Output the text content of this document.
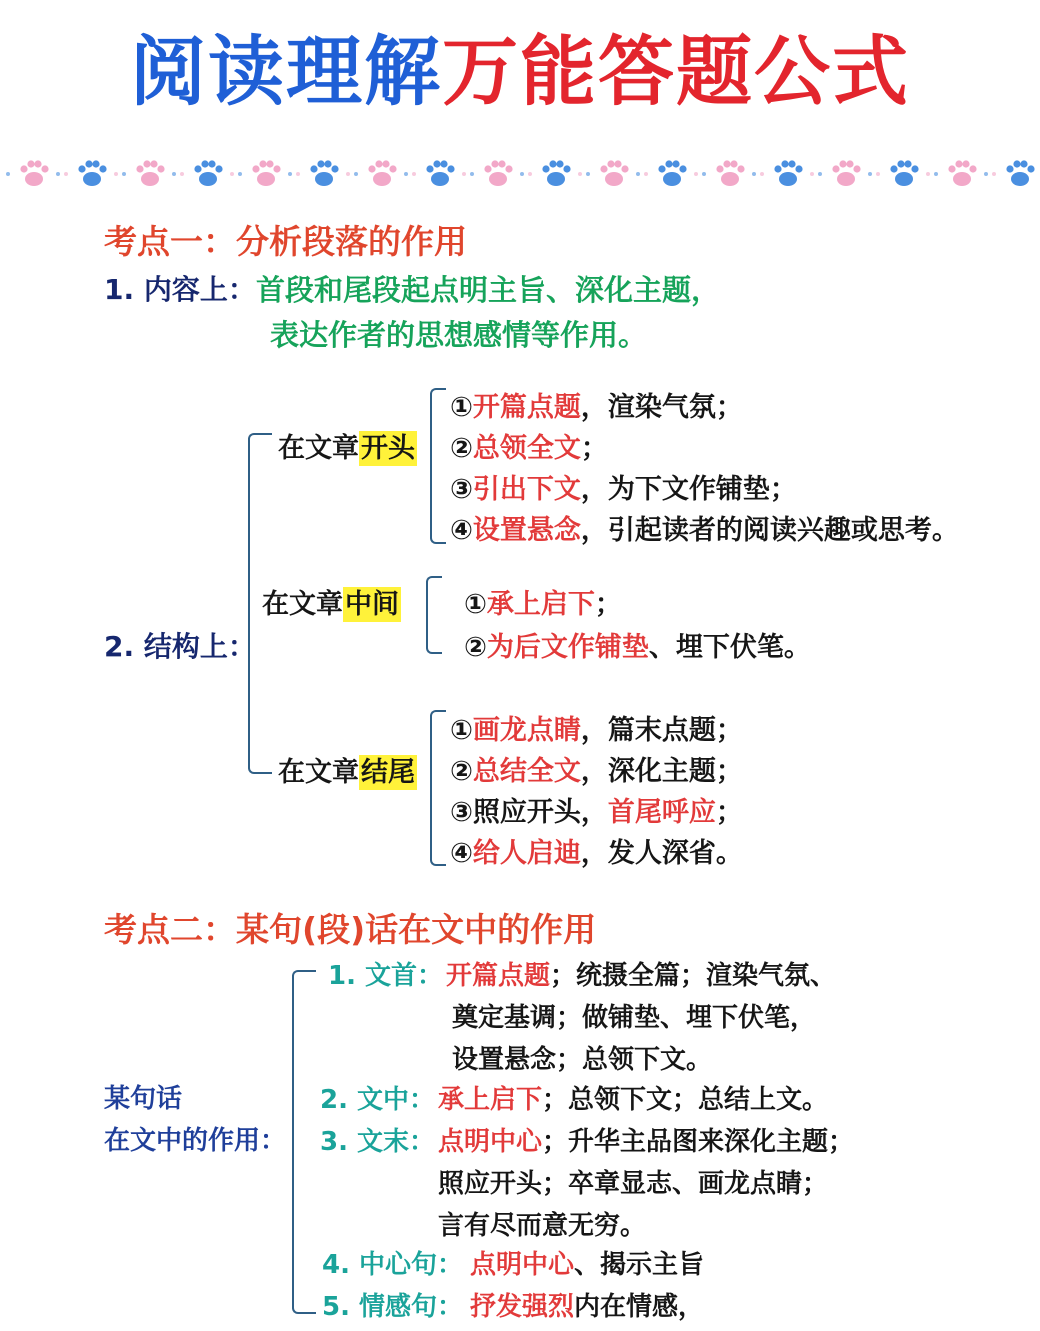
阅读理解万能答题公式
考点一：分析段落的作用
1. 内容上： 首段和尾段起点明主旨、深化主题，
表达作者的思想感情等作用。
2. 结构上：
在文章开头
①开篇点题，渲染气氛；
②总领全文；
③引出下文，为下文作铺垫；
④设置悬念，引起读者的阅读兴趣或思考。
在文章中间 ①承上启下；
②为后文作铺垫、埋下伏笔。
在文章结尾
①画龙点睛，篇末点题；
②总结全文，深化主题；
③照应开头，首尾呼应；
④给人启迪，发人深省。
考点二：某句(段)话在文中的作用
某句话
在文中的作用：
1. 文首： 开篇点题；统摄全篇；渲染气氛、
奠定基调；做铺垫、埋下伏笔，
设置悬念；总领下文。
2. 文中： 承上启下；总领下文；总结上文。
3. 文末： 点明中心；升华主品图来深化主题；
照应开头；卒章显志、画龙点睛；
言有尽而意无穷。
4. 中心句： 点明中心、揭示主旨
5. 情感句： 抒发强烈内在情感，
